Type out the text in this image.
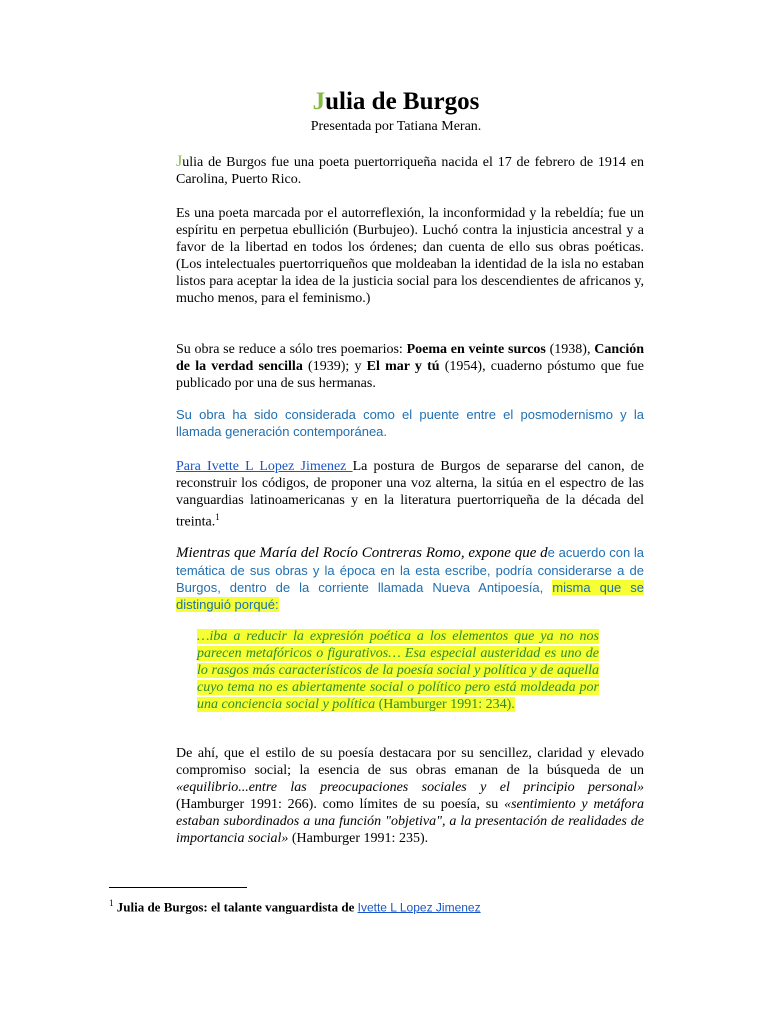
Julia de Burgos
Presentada por Tatiana Meran.
Julia de Burgos fue una poeta puertorriqueña nacida el 17 de febrero de 1914 en Carolina, Puerto Rico.
Es una poeta marcada por el autorreflexión, la inconformidad y la rebeldía; fue un espíritu en perpetua ebullición (Burbujeo). Luchó contra la injusticia ancestral y a favor de la libertad en todos los órdenes; dan cuenta de ello sus obras poéticas. (Los intelectuales puertorriqueños que moldeaban la identidad de la isla no estaban listos para aceptar la idea de la justicia social para los descendientes de africanos y, mucho menos, para el feminismo.)
Su obra se reduce a sólo tres poemarios: Poema en veinte surcos (1938), Canción de la verdad sencilla (1939); y El mar y tú (1954), cuaderno póstumo que fue publicado por una de sus hermanas.
Su obra ha sido considerada como el puente entre el posmodernismo y la llamada generación contemporánea.
Para Ivette L Lopez Jimenez La postura de Burgos de separarse del canon, de reconstruir los códigos, de proponer una voz alterna, la sitúa en el espectro de las vanguardias latinoamericanas y en la literatura puertorriqueña de la década del treinta.$^1$
Mientras que María del Rocío Contreras Romo, expone que de acuerdo con la temática de sus obras y la época en la esta escribe, podría considerarse a de Burgos, dentro de la corriente llamada Nueva Antipoesía, misma que se distinguió porqué:
…iba a reducir la expresión poética a los elementos que ya no nos parecen metafóricos o figurativos… Esa especial austeridad es uno de lo rasgos más característicos de la poesía social y política y de aquella cuyo tema no es abiertamente social o político pero está moldeada por una conciencia social y política (Hamburger 1991: 234).
De ahí, que el estilo de su poesía destacara por su sencillez, claridad y elevado compromiso social; la esencia de sus obras emanan de la búsqueda de un «equilibrio...entre las preocupaciones sociales y el principio personal» (Hamburger 1991: 266). como límites de su poesía, su «sentimiento y metáfora estaban subordinados a una función "objetiva", a la presentación de realidades de importancia social» (Hamburger 1991: 235).
$^1$ Julia de Burgos: el talante vanguardista de Ivette L Lopez Jimenez
